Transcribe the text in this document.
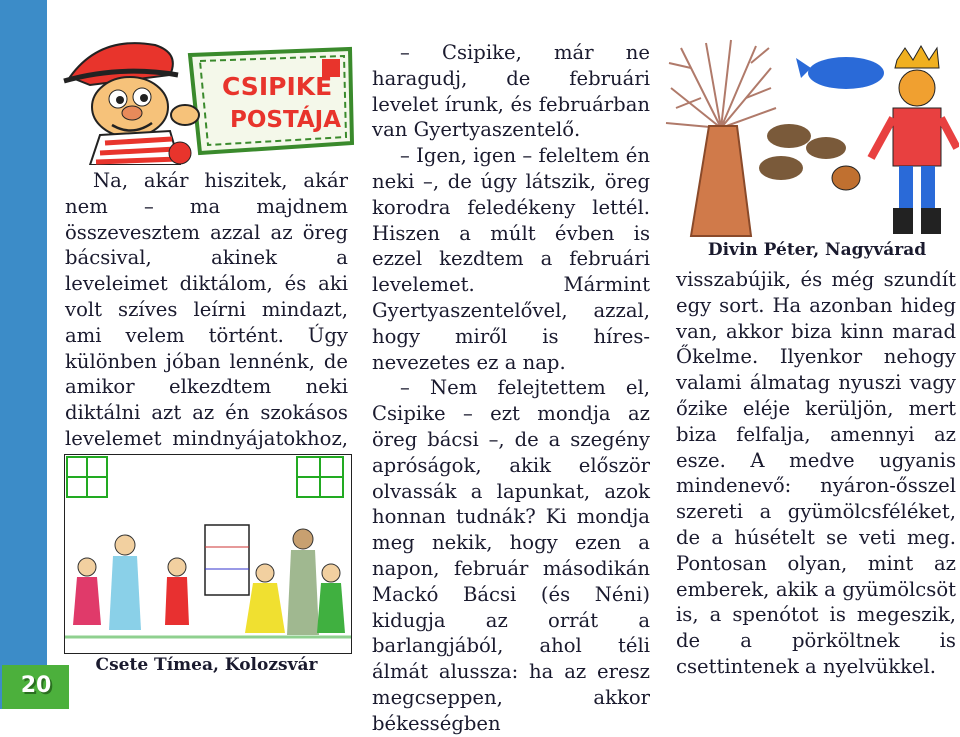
20
CSIPIKE
POSTÁJA

Na, akár hiszitek, akár nem – ma majdnem összevesztem azzal az öreg bácsival, akinek a leveleimet diktálom, és aki volt szíves leírni mindazt, ami velem történt. Úgy különben jóban lennénk, de amikor elkezdtem neki diktálni azt az én szokásos levelemet mindnyájatokhoz,

Csete Tímea, Kolozsvár

– Csipike, már ne haragudj, de februári levelet írunk, és februárban van Gyertyaszentelő.

– Igen, igen – feleltem én neki –, de úgy látszik, öreg korodra feledékeny lettél. Hiszen a múlt évben is ezzel kezdtem a februári levelemet. Mármint Gyertyaszentelővel, azzal, hogy miről is híres-nevezetes ez a nap.

– Nem felejtettem el, Csipike – ezt mondja az öreg bácsi –, de a szegény apróságok, akik először olvassák a lapunkat, azok honnan tudnák? Ki mondja meg nekik, hogy ezen a napon, február másodikán Mackó Bácsi (és Néni) kidugja az orrát a barlangjából, ahol téli álmát alussza: ha az eresz megcseppen, akkor békességben

Divin Péter, Nagyvárad

visszabújik, és még szundít egy sort. Ha azonban hideg van, akkor biza kinn marad Őkelme. Ilyenkor nehogy valami álmatag nyuszi vagy őzike eléje kerüljön, mert biza felfalja, amennyi az esze. A medve ugyanis mindenevő: nyáron-ősszel szereti a gyümölcsféléket, de a húsételt se veti meg. Pontosan olyan, mint az emberek, akik a gyümölcsöt is, a spenótot is megeszik, de a pörköltnek is csettintenek a nyelvükkel.
